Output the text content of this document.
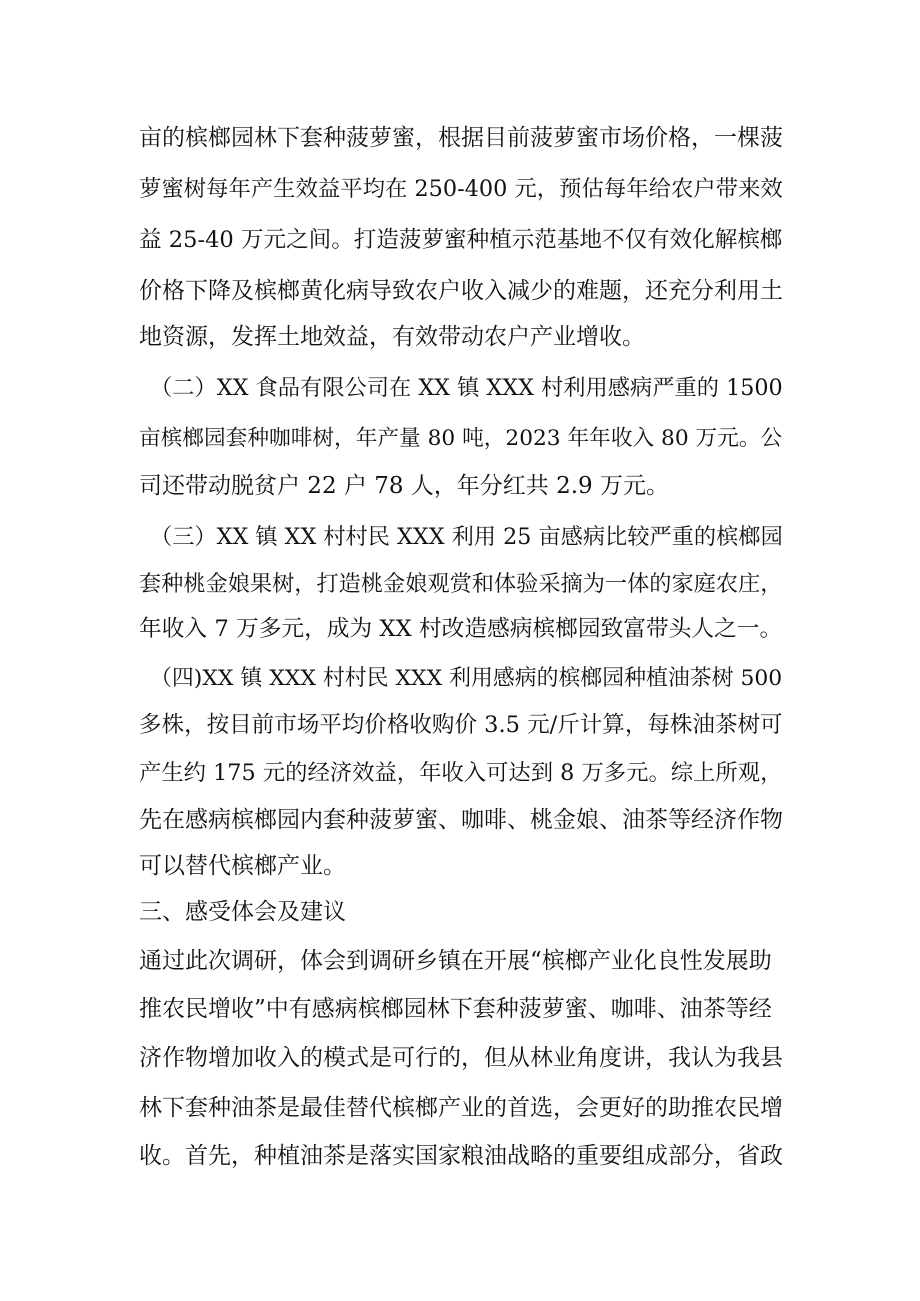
亩的槟榔园林下套种菠萝蜜，根据目前菠萝蜜市场价格，一棵菠
萝蜜树每年产生效益平均在 250-400 元，预估每年给农户带来效
益 25-40 万元之间。打造菠萝蜜种植示范基地不仅有效化解槟榔
价格下降及槟榔黄化病导致农户收入减少的难题，还充分利用土
地资源，发挥土地效益，有效带动农户产业增收。
（二）XX 食品有限公司在 XX 镇 XXX 村利用感病严重的 1500
亩槟榔园套种咖啡树，年产量 80 吨，2023 年年收入 80 万元。公
司还带动脱贫户 22 户 78 人，年分红共 2.9 万元。
（三）XX 镇 XX 村村民 XXX 利用 25 亩感病比较严重的槟榔园
套种桃金娘果树，打造桃金娘观赏和体验采摘为一体的家庭农庄，
年收入 7 万多元，成为 XX 村改造感病槟榔园致富带头人之一。
（四)XX 镇 XXX 村村民 XXX 利用感病的槟榔园种植油茶树 500
多株，按目前市场平均价格收购价 3.5 元/斤计算，每株油茶树可
产生约 175 元的经济效益，年收入可达到 8 万多元。综上所观，
先在感病槟榔园内套种菠萝蜜、咖啡、桃金娘、油茶等经济作物
可以替代槟榔产业。
三、感受体会及建议
通过此次调研，体会到调研乡镇在开展“槟榔产业化良性发展助
推农民增收”中有感病槟榔园林下套种菠萝蜜、咖啡、油茶等经
济作物增加收入的模式是可行的，但从林业角度讲，我认为我县
林下套种油茶是最佳替代槟榔产业的首选，会更好的助推农民增
收。首先，种植油茶是落实国家粮油战略的重要组成部分，省政
